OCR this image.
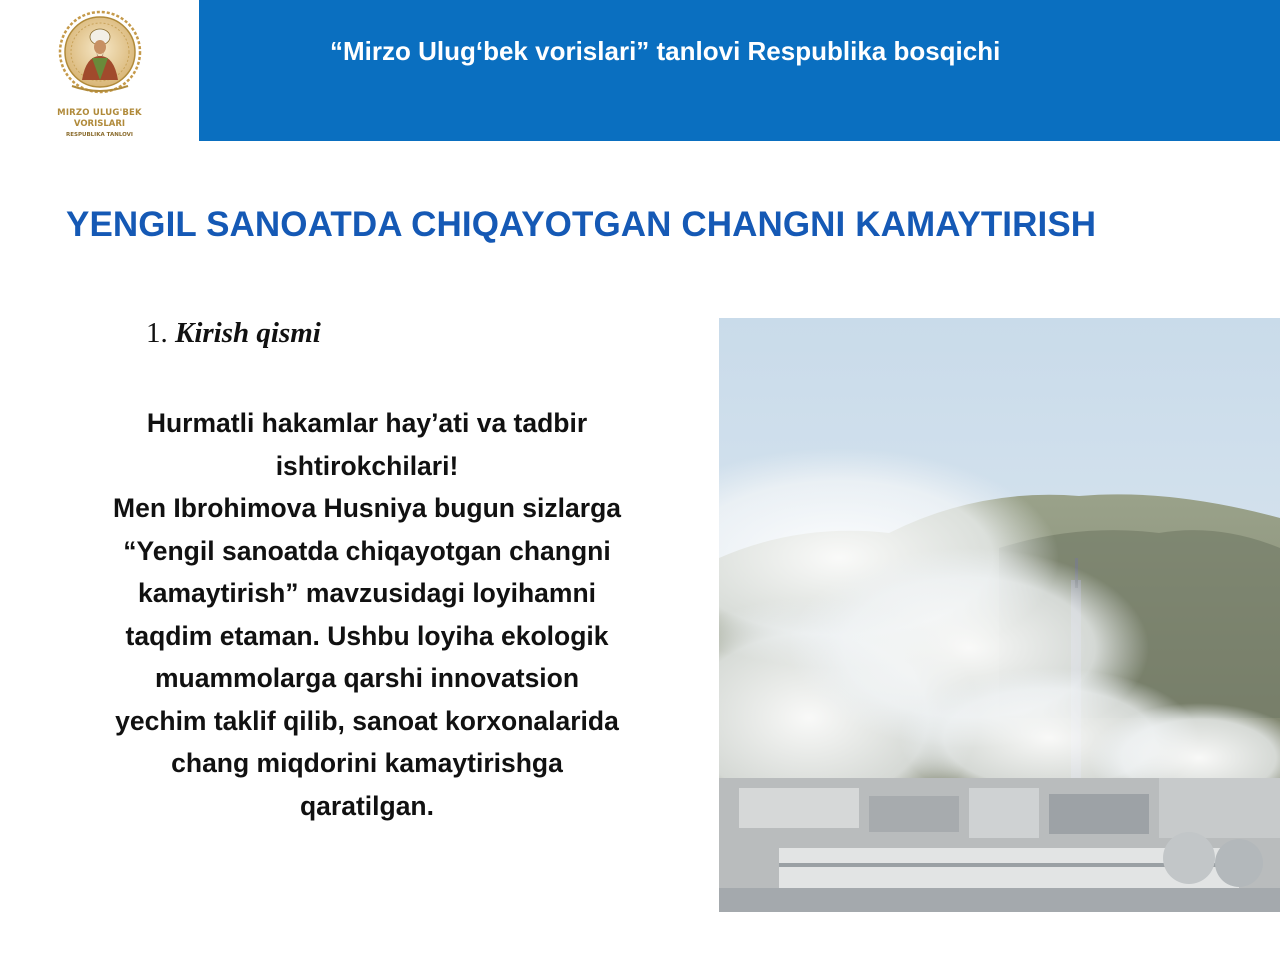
“Mirzo Ulug‘bek vorislari” tanlovi Respublika bosqichi
MIRZO ULUG'BEK
VORISLARI
RESPUBLIKA TANLOVI
YENGIL SANOATDA CHIQAYOTGAN CHANGNI KAMAYTIRISH
1. Kirish qismi
Hurmatli hakamlar hay’ati va tadbir
ishtirokchilari!
Men Ibrohimova Husniya bugun sizlarga
“Yengil sanoatda chiqayotgan changni
kamaytirish” mavzusidagi loyihamni
taqdim etaman. Ushbu loyiha ekologik
muammolarga qarshi innovatsion
yechim taklif qilib, sanoat korxonalarida
chang miqdorini kamaytirishga
qaratilgan.
